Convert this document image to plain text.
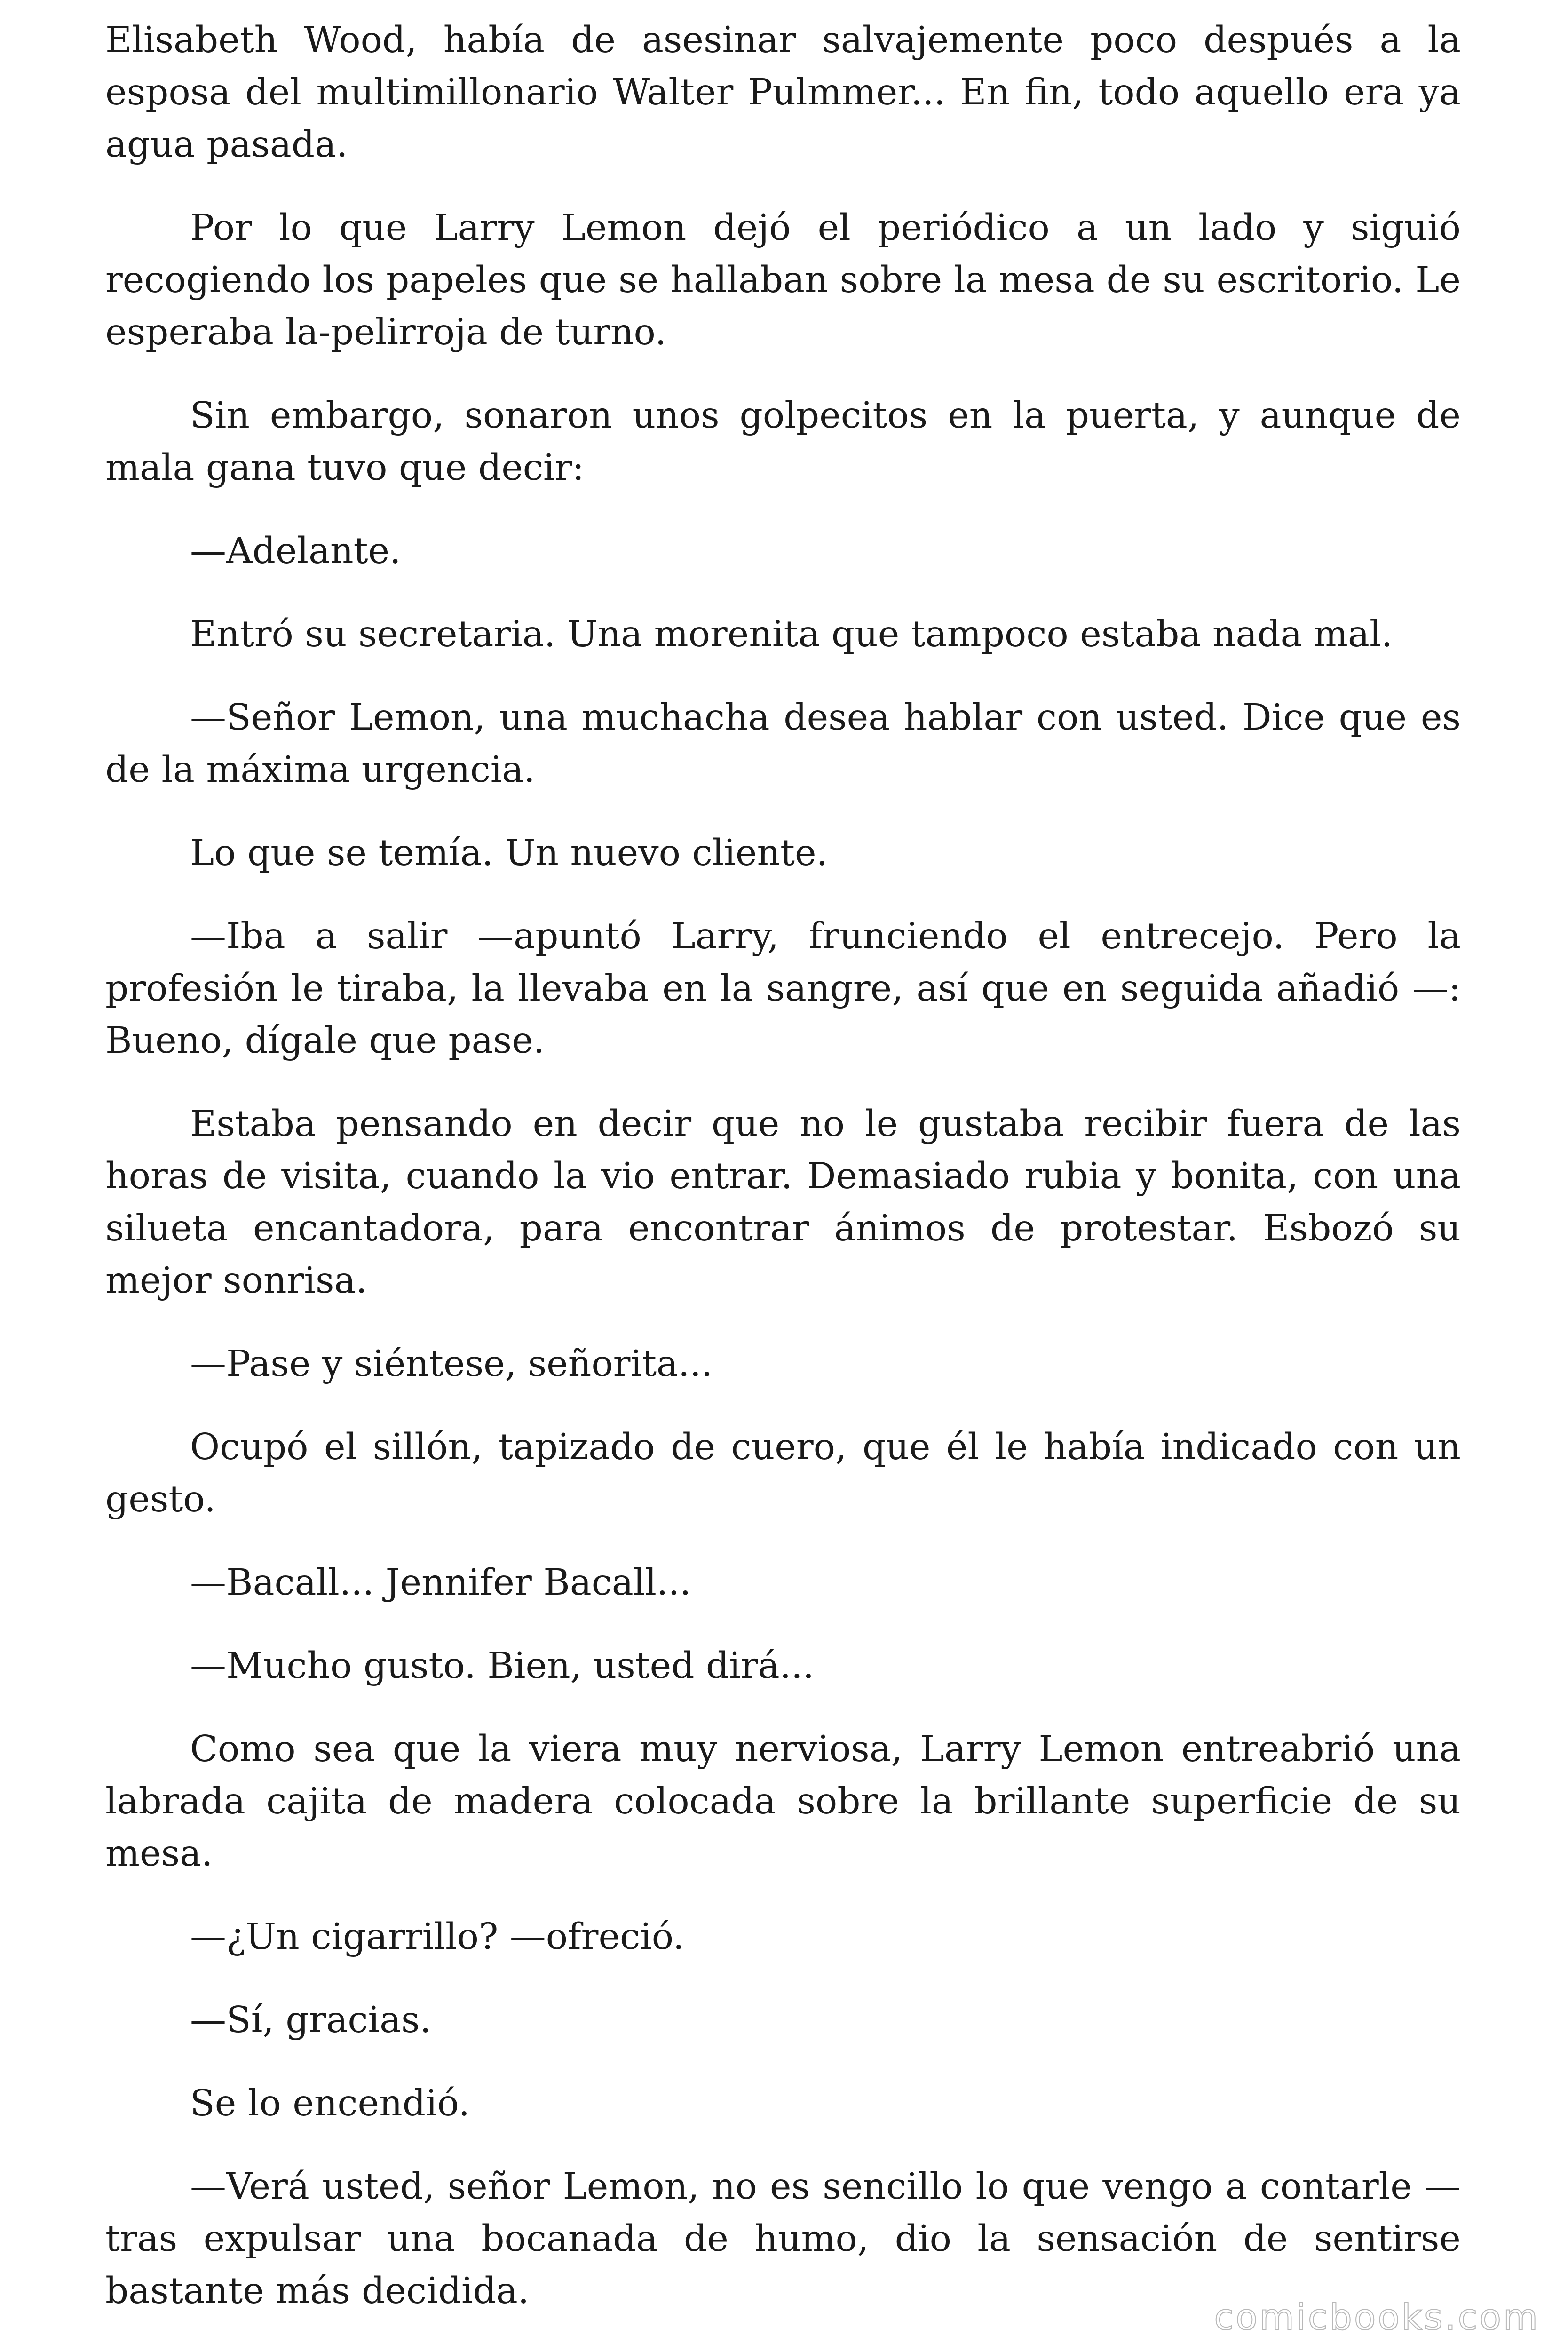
Elisabeth Wood, había de asesinar salvajemente poco después a la esposa del multimillonario Walter Pulmmer... En fin, todo aquello era ya agua pasada.

Por lo que Larry Lemon dejó el periódico a un lado y siguió recogiendo los papeles que se hallaban sobre la mesa de su escritorio. Le esperaba la-pelirroja de turno.

Sin embargo, sonaron unos golpecitos en la puerta, y aunque de mala gana tuvo que decir:

—Adelante.

Entró su secretaria. Una morenita que tampoco estaba nada mal.

—Señor Lemon, una muchacha desea hablar con usted. Dice que es de la máxima urgencia.

Lo que se temía. Un nuevo cliente.

—Iba a salir —apuntó Larry, frunciendo el entrecejo. Pero la profesión le tiraba, la llevaba en la sangre, así que en seguida añadió —: Bueno, dígale que pase.

Estaba pensando en decir que no le gustaba recibir fuera de las horas de visita, cuando la vio entrar. Demasiado rubia y bonita, con una silueta encantadora, para encontrar ánimos de protestar. Esbozó su mejor sonrisa.

—Pase y siéntese, señorita...

Ocupó el sillón, tapizado de cuero, que él le había indicado con un gesto.

—Bacall... Jennifer Bacall...

—Mucho gusto. Bien, usted dirá...

Como sea que la viera muy nerviosa, Larry Lemon entreabrió una labrada cajita de madera colocada sobre la brillante superficie de su mesa.

—¿Un cigarrillo? —ofreció.

—Sí, gracias.

Se lo encendió.

—Verá usted, señor Lemon, no es sencillo lo que vengo a contarle —tras expulsar una bocanada de humo, dio la sensación de sentirse bastante más decidida.

comicbooks.com
